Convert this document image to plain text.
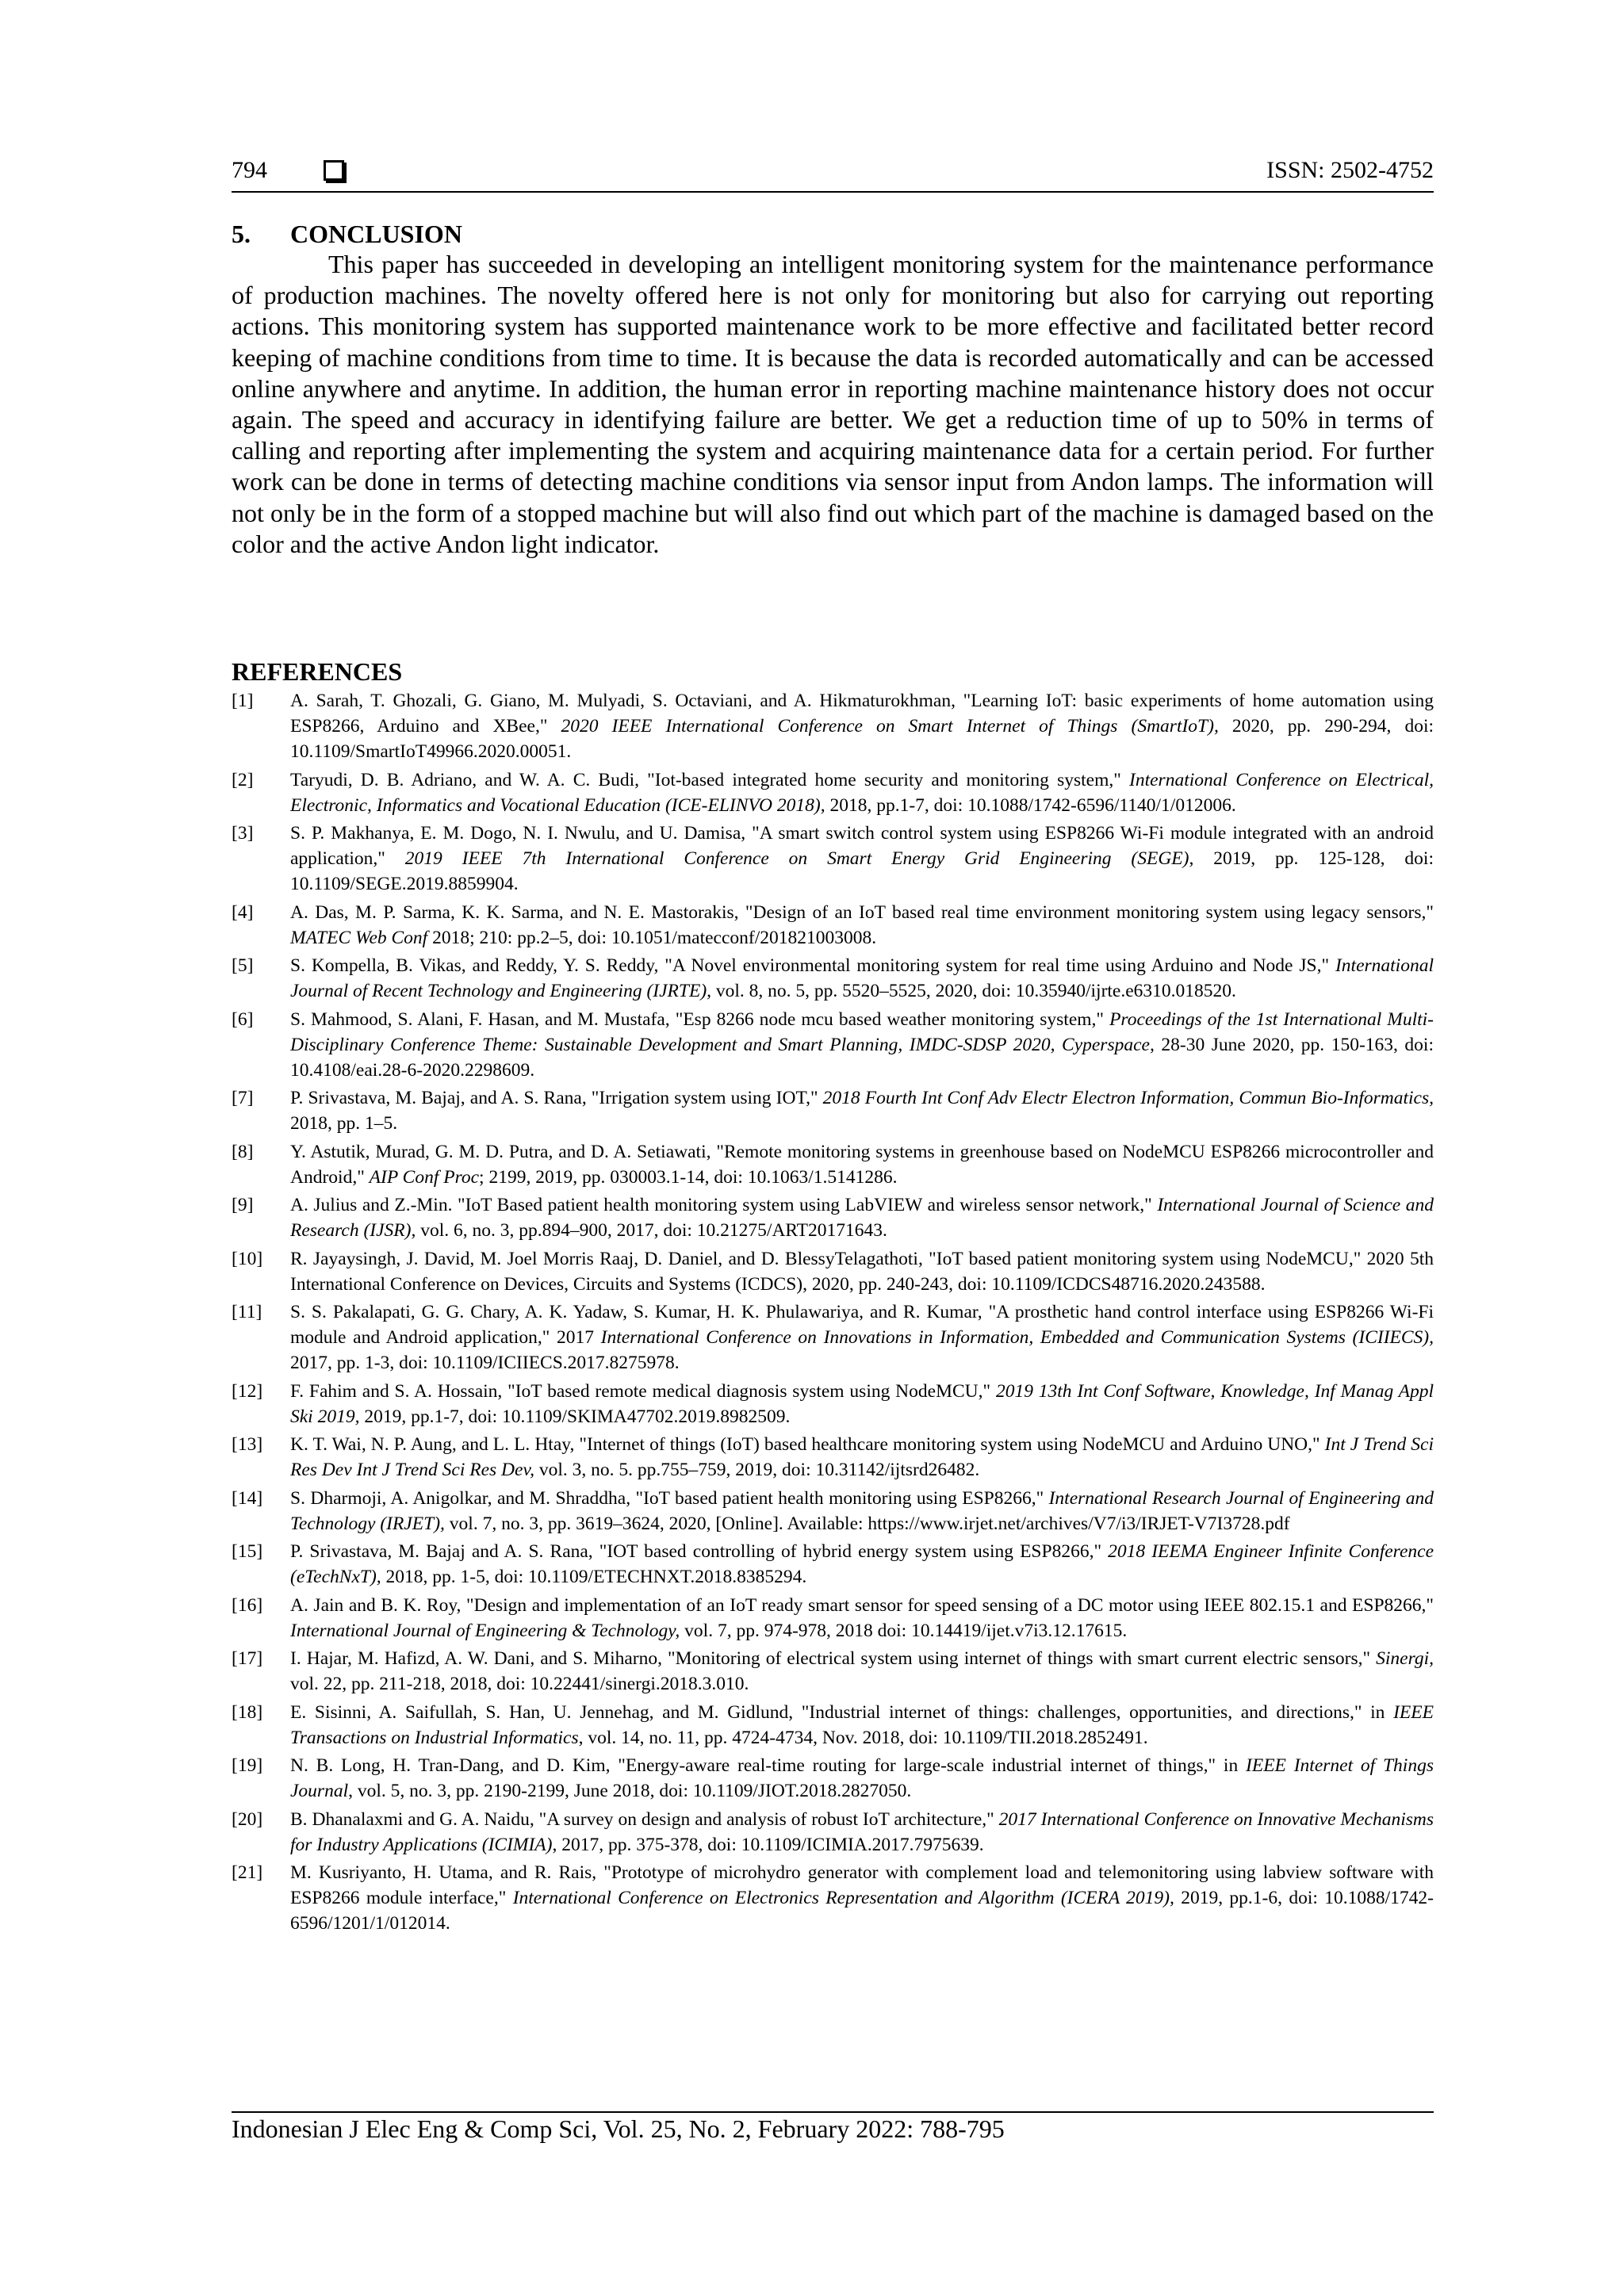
794	ISSN: 2502-4752
5. CONCLUSION

This paper has succeeded in developing an intelligent monitoring system for the maintenance performance of production machines. The novelty offered here is not only for monitoring but also for carrying out reporting actions. This monitoring system has supported maintenance work to be more effective and facilitated better record keeping of machine conditions from time to time. It is because the data is recorded automatically and can be accessed online anywhere and anytime. In addition, the human error in reporting machine maintenance history does not occur again. The speed and accuracy in identifying failure are better. We get a reduction time of up to 50% in terms of calling and reporting after implementing the system and acquiring maintenance data for a certain period. For further work can be done in terms of detecting machine conditions via sensor input from Andon lamps. The information will not only be in the form of a stopped machine but will also find out which part of the machine is damaged based on the color and the active Andon light indicator.

REFERENCES
[1]	A. Sarah, T. Ghozali, G. Giano, M. Mulyadi, S. Octaviani, and A. Hikmaturokhman, "Learning IoT: basic experiments of home automation using ESP8266, Arduino and XBee," 2020 IEEE International Conference on Smart Internet of Things (SmartIoT), 2020, pp. 290-294, doi: 10.1109/SmartIoT49966.2020.00051.
[2]	Taryudi, D. B. Adriano, and W. A. C. Budi, "Iot-based integrated home security and monitoring system," International Conference on Electrical, Electronic, Informatics and Vocational Education (ICE-ELINVO 2018), 2018, pp.1-7, doi: 10.1088/1742-6596/1140/1/012006.
[3]	S. P. Makhanya, E. M. Dogo, N. I. Nwulu, and U. Damisa, "A smart switch control system using ESP8266 Wi-Fi module integrated with an android application," 2019 IEEE 7th International Conference on Smart Energy Grid Engineering (SEGE), 2019, pp. 125-128, doi: 10.1109/SEGE.2019.8859904.
[4]	A. Das, M. P. Sarma, K. K. Sarma, and N. E. Mastorakis, "Design of an IoT based real time environment monitoring system using legacy sensors," MATEC Web Conf 2018; 210: pp.2–5, doi: 10.1051/matecconf/201821003008.
[5]	S. Kompella, B. Vikas, and Reddy, Y. S. Reddy, "A Novel environmental monitoring system for real time using Arduino and Node JS," International Journal of Recent Technology and Engineering (IJRTE), vol. 8, no. 5, pp. 5520–5525, 2020, doi: 10.35940/ijrte.e6310.018520.
[6]	S. Mahmood, S. Alani, F. Hasan, and M. Mustafa, "Esp 8266 node mcu based weather monitoring system," Proceedings of the 1st International Multi-Disciplinary Conference Theme: Sustainable Development and Smart Planning, IMDC-SDSP 2020, Cyperspace, 28-30 June 2020, pp. 150-163, doi: 10.4108/eai.28-6-2020.2298609.
[7]	P. Srivastava, M. Bajaj, and A. S. Rana, "Irrigation system using IOT," 2018 Fourth Int Conf Adv Electr Electron Information, Commun Bio-Informatics, 2018, pp. 1–5.
[8]	Y. Astutik, Murad, G. M. D. Putra, and D. A. Setiawati, "Remote monitoring systems in greenhouse based on NodeMCU ESP8266 microcontroller and Android," AIP Conf Proc; 2199, 2019, pp. 030003.1-14, doi: 10.1063/1.5141286.
[9]	A. Julius and Z.-Min. "IoT Based patient health monitoring system using LabVIEW and wireless sensor network," International Journal of Science and Research (IJSR), vol. 6, no. 3, pp.894–900, 2017, doi: 10.21275/ART20171643.
[10]	R. Jayaysingh, J. David, M. Joel Morris Raaj, D. Daniel, and D. BlessyTelagathoti, "IoT based patient monitoring system using NodeMCU," 2020 5th International Conference on Devices, Circuits and Systems (ICDCS), 2020, pp. 240-243, doi: 10.1109/ICDCS48716.2020.243588.
[11]	S. S. Pakalapati, G. G. Chary, A. K. Yadaw, S. Kumar, H. K. Phulawariya, and R. Kumar, "A prosthetic hand control interface using ESP8266 Wi-Fi module and Android application," 2017 International Conference on Innovations in Information, Embedded and Communication Systems (ICIIECS), 2017, pp. 1-3, doi: 10.1109/ICIIECS.2017.8275978.
[12]	F. Fahim and S. A. Hossain, "IoT based remote medical diagnosis system using NodeMCU," 2019 13th Int Conf Software, Knowledge, Inf Manag Appl Ski 2019, 2019, pp.1-7, doi: 10.1109/SKIMA47702.2019.8982509.
[13]	K. T. Wai, N. P. Aung, and L. L. Htay, "Internet of things (IoT) based healthcare monitoring system using NodeMCU and Arduino UNO," Int J Trend Sci Res Dev Int J Trend Sci Res Dev, vol. 3, no. 5. pp.755–759, 2019, doi: 10.31142/ijtsrd26482.
[14]	S. Dharmoji, A. Anigolkar, and M. Shraddha, "IoT based patient health monitoring using ESP8266," International Research Journal of Engineering and Technology (IRJET), vol. 7, no. 3, pp. 3619–3624, 2020, [Online]. Available: https://www.irjet.net/archives/V7/i3/IRJET-V7I3728.pdf
[15]	P. Srivastava, M. Bajaj and A. S. Rana, "IOT based controlling of hybrid energy system using ESP8266," 2018 IEEMA Engineer Infinite Conference (eTechNxT), 2018, pp. 1-5, doi: 10.1109/ETECHNXT.2018.8385294.
[16]	A. Jain and B. K. Roy, "Design and implementation of an IoT ready smart sensor for speed sensing of a DC motor using IEEE 802.15.1 and ESP8266," International Journal of Engineering & Technology, vol. 7, pp. 974-978, 2018 doi: 10.14419/ijet.v7i3.12.17615.
[17]	I. Hajar, M. Hafizd, A. W. Dani, and S. Miharno, "Monitoring of electrical system using internet of things with smart current electric sensors," Sinergi, vol. 22, pp. 211-218, 2018, doi: 10.22441/sinergi.2018.3.010.
[18]	E. Sisinni, A. Saifullah, S. Han, U. Jennehag, and M. Gidlund, "Industrial internet of things: challenges, opportunities, and directions," in IEEE Transactions on Industrial Informatics, vol. 14, no. 11, pp. 4724-4734, Nov. 2018, doi: 10.1109/TII.2018.2852491.
[19]	N. B. Long, H. Tran-Dang, and D. Kim, "Energy-aware real-time routing for large-scale industrial internet of things," in IEEE Internet of Things Journal, vol. 5, no. 3, pp. 2190-2199, June 2018, doi: 10.1109/JIOT.2018.2827050.
[20]	B. Dhanalaxmi and G. A. Naidu, "A survey on design and analysis of robust IoT architecture," 2017 International Conference on Innovative Mechanisms for Industry Applications (ICIMIA), 2017, pp. 375-378, doi: 10.1109/ICIMIA.2017.7975639.
[21]	M. Kusriyanto, H. Utama, and R. Rais, "Prototype of microhydro generator with complement load and telemonitoring using labview software with ESP8266 module interface," International Conference on Electronics Representation and Algorithm (ICERA 2019), 2019, pp.1-6, doi: 10.1088/1742-6596/1201/1/012014.
Indonesian J Elec Eng & Comp Sci, Vol. 25, No. 2, February 2022: 788-795
